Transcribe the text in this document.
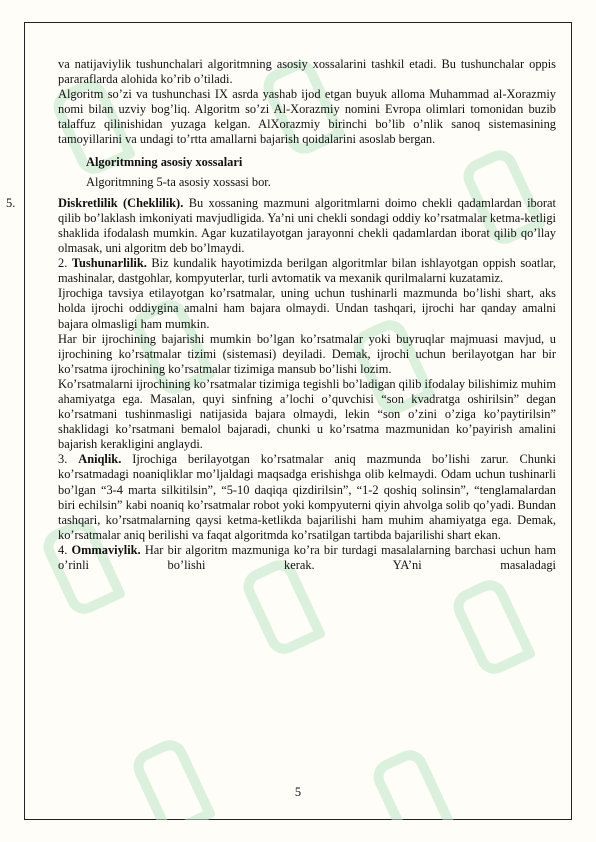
va natijaviylik tushunchalari algoritmning asosiy xossalarini tashkil etadi. Bu tushunchalar oppis pararaflarda alohida ko’rib o’tiladi.

Algoritm so’zi va tushunchasi IX asrda yashab ijod etgan buyuk alloma Muhammad al-Xorazmiy nomi bilan uzviy bog’liq. Algoritm so’zi Al-Xorazmiy nomini Evropa olimlari tomonidan buzib talaffuz qilinishidan yuzaga kelgan. AlXorazmiy birinchi bo’lib o’nlik sanoq sistemasining tamoyillarini va undagi to’rtta amallarni bajarish qoidalarini asoslab bergan.

Algoritmning asosiy xossalari

Algoritmning 5-ta asosiy xossasi bor.

5.	Diskretlilik (Cheklilik). Bu xossaning mazmuni algoritmlarni doimo chekli qadamlardan iborat qilib bo’laklash imkoniyati mavjudligida. Ya’ni uni chekli sondagi oddiy ko’rsatmalar ketma-ketligi shaklida ifodalash mumkin. Agar kuzatilayotgan jarayonni chekli qadamlardan iborat qilib qo’llay olmasak, uni algoritm deb bo’lmaydi.

2. Tushunarlilik. Biz kundalik hayotimizda berilgan algoritmlar bilan ishlayotgan oppish soatlar, mashinalar, dastgohlar, kompyuterlar, turli avtomatik va mexanik qurilmalarni kuzatamiz.

Ijrochiga tavsiya etilayotgan ko’rsatmalar, uning uchun tushinarli mazmunda bo’lishi shart, aks holda ijrochi oddiygina amalni ham bajara olmaydi. Undan tashqari, ijrochi har qanday amalni bajara olmasligi ham mumkin.

Har bir ijrochining bajarishi mumkin bo’lgan ko’rsatmalar yoki buyruqlar majmuasi mavjud, u ijrochining ko’rsatmalar tizimi (sistemasi) deyiladi. Demak, ijrochi uchun berilayotgan har bir ko’rsatma ijrochining ko’rsatmalar tizimiga mansub bo’lishi lozim.

Ko’rsatmalarni ijrochining ko’rsatmalar tizimiga tegishli bo’ladigan qilib ifodalay bilishimiz muhim ahamiyatga ega. Masalan, quyi sinfning a’lochi o’quvchisi “son kvadratga oshirilsin” degan ko’rsatmani tushinmasligi natijasida bajara olmaydi, lekin “son o’zini o’ziga ko’paytirilsin” shaklidagi ko’rsatmani bemalol bajaradi, chunki u ko’rsatma mazmunidan ko’payirish amalini bajarish kerakligini anglaydi.

3. Aniqlik. Ijrochiga berilayotgan ko’rsatmalar aniq mazmunda bo’lishi zarur. Chunki ko’rsatmadagi noaniqliklar mo’ljaldagi maqsadga erishishga olib kelmaydi. Odam uchun tushinarli bo’lgan “3-4 marta silkitilsin”, “5-10 daqiqa qizdirilsin”, “1-2 qoshiq solinsin”, “tenglamalardan biri echilsin” kabi noaniq ko’rsatmalar robot yoki kompyuterni qiyin ahvolga solib qo’yadi. Bundan tashqari, ko’rsatmalarning qaysi ketma-ketlikda bajarilishi ham muhim ahamiyatga ega. Demak, ko’rsatmalar aniq berilishi va faqat algoritmda ko’rsatilgan tartibda bajarilishi shart ekan.

4. Ommaviylik. Har bir algoritm mazmuniga ko’ra bir turdagi masalalarning barchasi uchun ham o’rinli bo’lishi kerak. YA’ni masaladagi

5
